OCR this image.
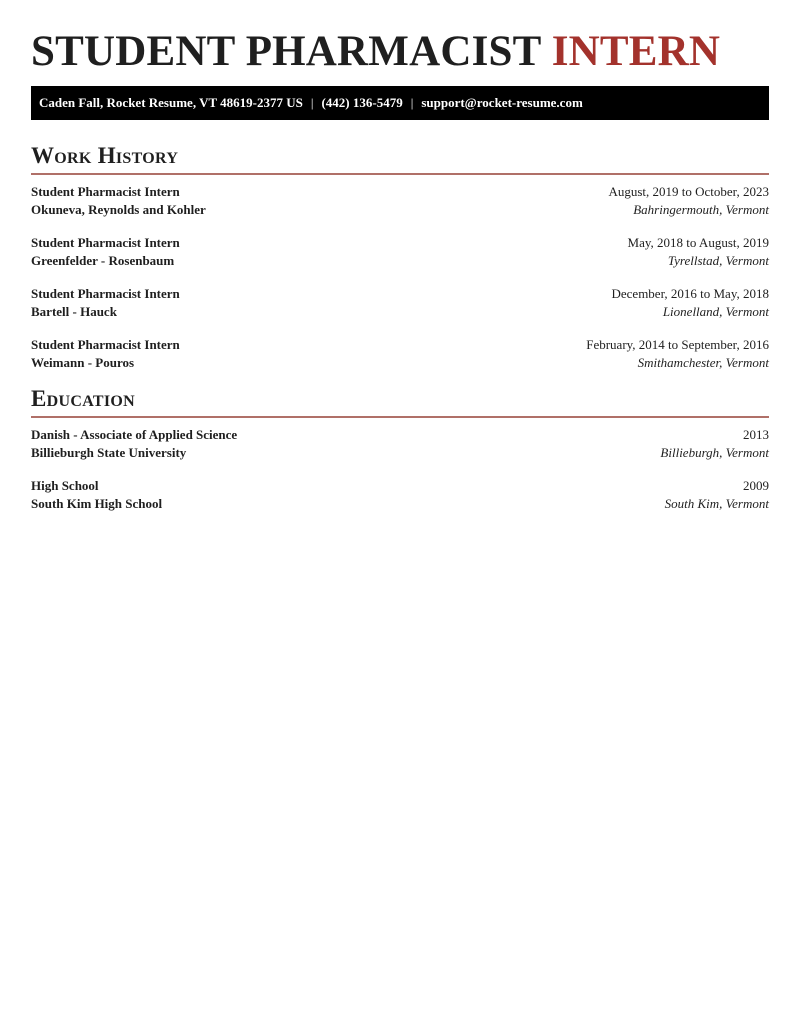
STUDENT PHARMACIST INTERN
Caden Fall, Rocket Resume, VT 48619-2377 US | (442) 136-5479 | support@rocket-resume.com
Work History
Student Pharmacist Intern	August, 2019 to October, 2023
Okuneva, Reynolds and Kohler	Bahringermouth, Vermont
Student Pharmacist Intern	May, 2018 to August, 2019
Greenfelder - Rosenbaum	Tyrellstad, Vermont
Student Pharmacist Intern	December, 2016 to May, 2018
Bartell - Hauck	Lionelland, Vermont
Student Pharmacist Intern	February, 2014 to September, 2016
Weimann - Pouros	Smithamchester, Vermont
Education
Danish - Associate of Applied Science	2013
Billieburgh State University	Billieburgh, Vermont
High School	2009
South Kim High School	South Kim, Vermont
